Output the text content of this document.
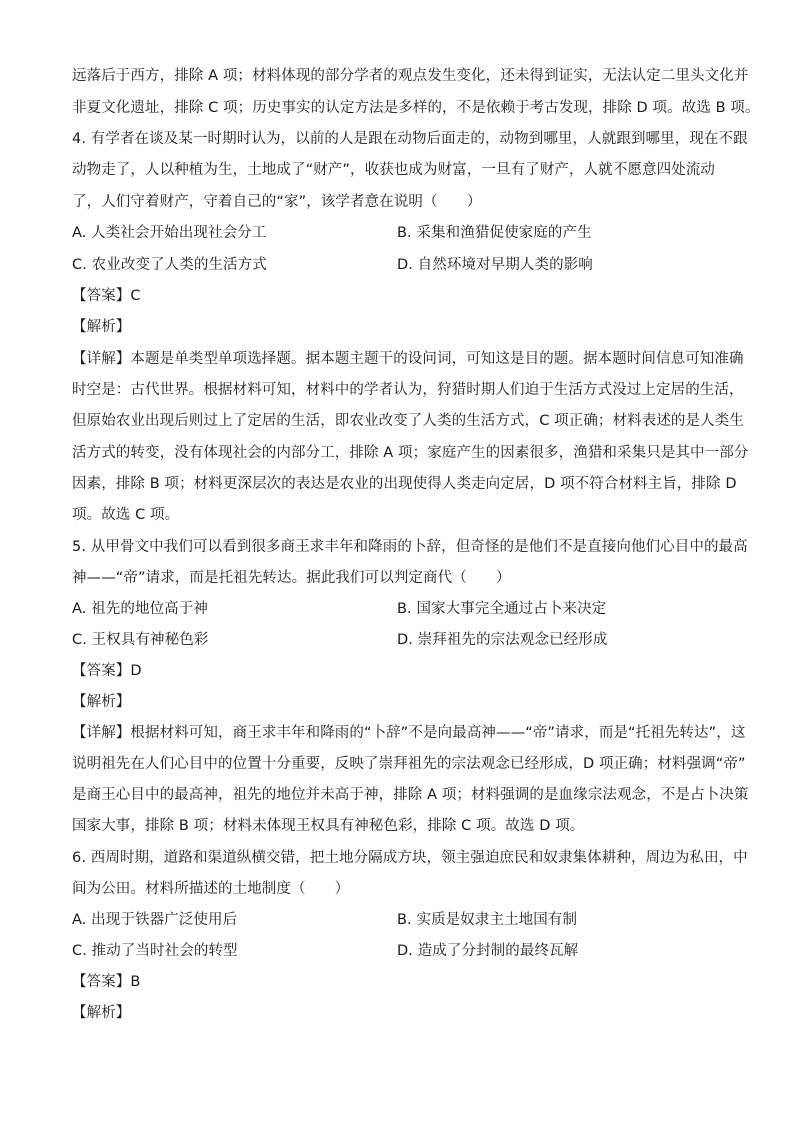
远落后于西方，排除 A 项；材料体现的部分学者的观点发生变化，还未得到证实，无法认定二里头文化并
非夏文化遗址，排除 C 项；历史事实的认定方法是多样的，不是依赖于考古发现，排除 D 项。故选 B 项。
4. 有学者在谈及某一时期时认为，以前的人是跟在动物后面走的，动物到哪里，人就跟到哪里，现在不跟
动物走了，人以种植为生，土地成了“财产”，收获也成为财富，一旦有了财产，人就不愿意四处流动
了，人们守着财产，守着自己的“家”，该学者意在说明（　　）
A. 人类社会开始出现社会分工	B. 采集和渔猎促使家庭的产生
C. 农业改变了人类的生活方式	D. 自然环境对早期人类的影响
【答案】C
【解析】
【详解】本题是单类型单项选择题。据本题主题干的设问词，可知这是目的题。据本题时间信息可知准确
时空是：古代世界。根据材料可知，材料中的学者认为，狩猎时期人们迫于生活方式没过上定居的生活，
但原始农业出现后则过上了定居的生活，即农业改变了人类的生活方式，C 项正确；材料表述的是人类生
活方式的转变，没有体现社会的内部分工，排除 A 项；家庭产生的因素很多，渔猎和采集只是其中一部分
因素，排除 B 项；材料更深层次的表达是农业的出现使得人类走向定居，D 项不符合材料主旨，排除 D
项。故选 C 项。
5. 从甲骨文中我们可以看到很多商王求丰年和降雨的卜辞，但奇怪的是他们不是直接向他们心目中的最高
神——“帝”请求，而是托祖先转达。据此我们可以判定商代（　　）
A. 祖先的地位高于神	B. 国家大事完全通过占卜来决定
C. 王权具有神秘色彩	D. 崇拜祖先的宗法观念已经形成
【答案】D
【解析】
【详解】根据材料可知，商王求丰年和降雨的“卜辞”不是向最高神——“帝”请求，而是“托祖先转达”，这
说明祖先在人们心目中的位置十分重要，反映了崇拜祖先的宗法观念已经形成，D 项正确；材料强调“帝”
是商王心目中的最高神，祖先的地位并未高于神，排除 A 项；材料强调的是血缘宗法观念，不是占卜决策
国家大事，排除 B 项；材料未体现王权具有神秘色彩，排除 C 项。故选 D 项。
6. 西周时期，道路和渠道纵横交错，把土地分隔成方块，领主强迫庶民和奴隶集体耕种，周边为私田，中
间为公田。材料所描述的土地制度（　　）
A. 出现于铁器广泛使用后	B. 实质是奴隶主土地国有制
C. 推动了当时社会的转型	D. 造成了分封制的最终瓦解
【答案】B
【解析】
